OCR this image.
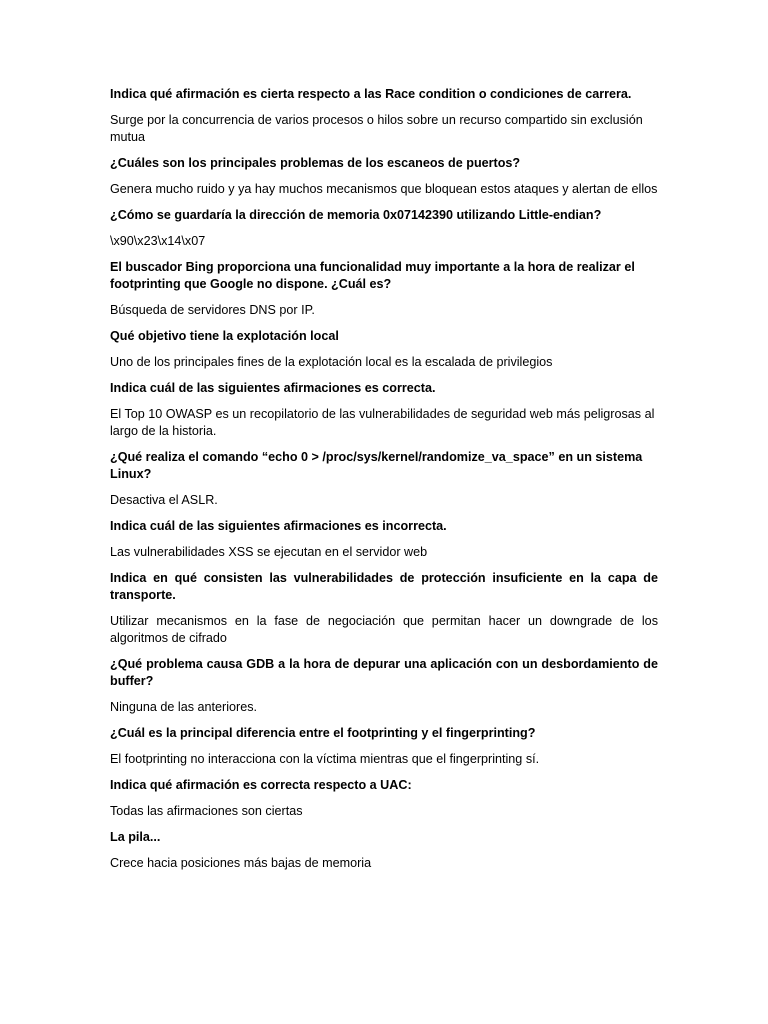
Indica qué afirmación es cierta respecto a las Race condition o condiciones de carrera.

Surge por la concurrencia de varios procesos o hilos sobre un recurso compartido sin exclusión mutua

¿Cuáles son los principales problemas de los escaneos de puertos?

Genera mucho ruido y ya hay muchos mecanismos que bloquean estos ataques y alertan de ellos

¿Cómo se guardaría la dirección de memoria 0x07142390 utilizando Little-endian?

\x90\x23\x14\x07

El buscador Bing proporciona una funcionalidad muy importante a la hora de realizar el footprinting que Google no dispone. ¿Cuál es?

Búsqueda de servidores DNS por IP.

Qué objetivo tiene la explotación local

Uno de los principales fines de la explotación local es la escalada de privilegios

Indica cuál de las siguientes afirmaciones es correcta.

El Top 10 OWASP es un recopilatorio de las vulnerabilidades de seguridad web más peligrosas al largo de la historia.

¿Qué realiza el comando “echo 0 > /proc/sys/kernel/randomize_va_space” en un sistema Linux?

Desactiva el ASLR.

Indica cuál de las siguientes afirmaciones es incorrecta.

Las vulnerabilidades XSS se ejecutan en el servidor web

Indica en qué consisten las vulnerabilidades de protección insuficiente en la capa de transporte.

Utilizar mecanismos en la fase de negociación que permitan hacer un downgrade de los algoritmos de cifrado

¿Qué problema causa GDB a la hora de depurar una aplicación con un desbordamiento de buffer?

Ninguna de las anteriores.

¿Cuál es la principal diferencia entre el footprinting y el fingerprinting?

El footprinting no interacciona con la víctima mientras que el fingerprinting sí.

Indica qué afirmación es correcta respecto a UAC:

Todas las afirmaciones son ciertas

La pila...

Crece hacia posiciones más bajas de memoria
